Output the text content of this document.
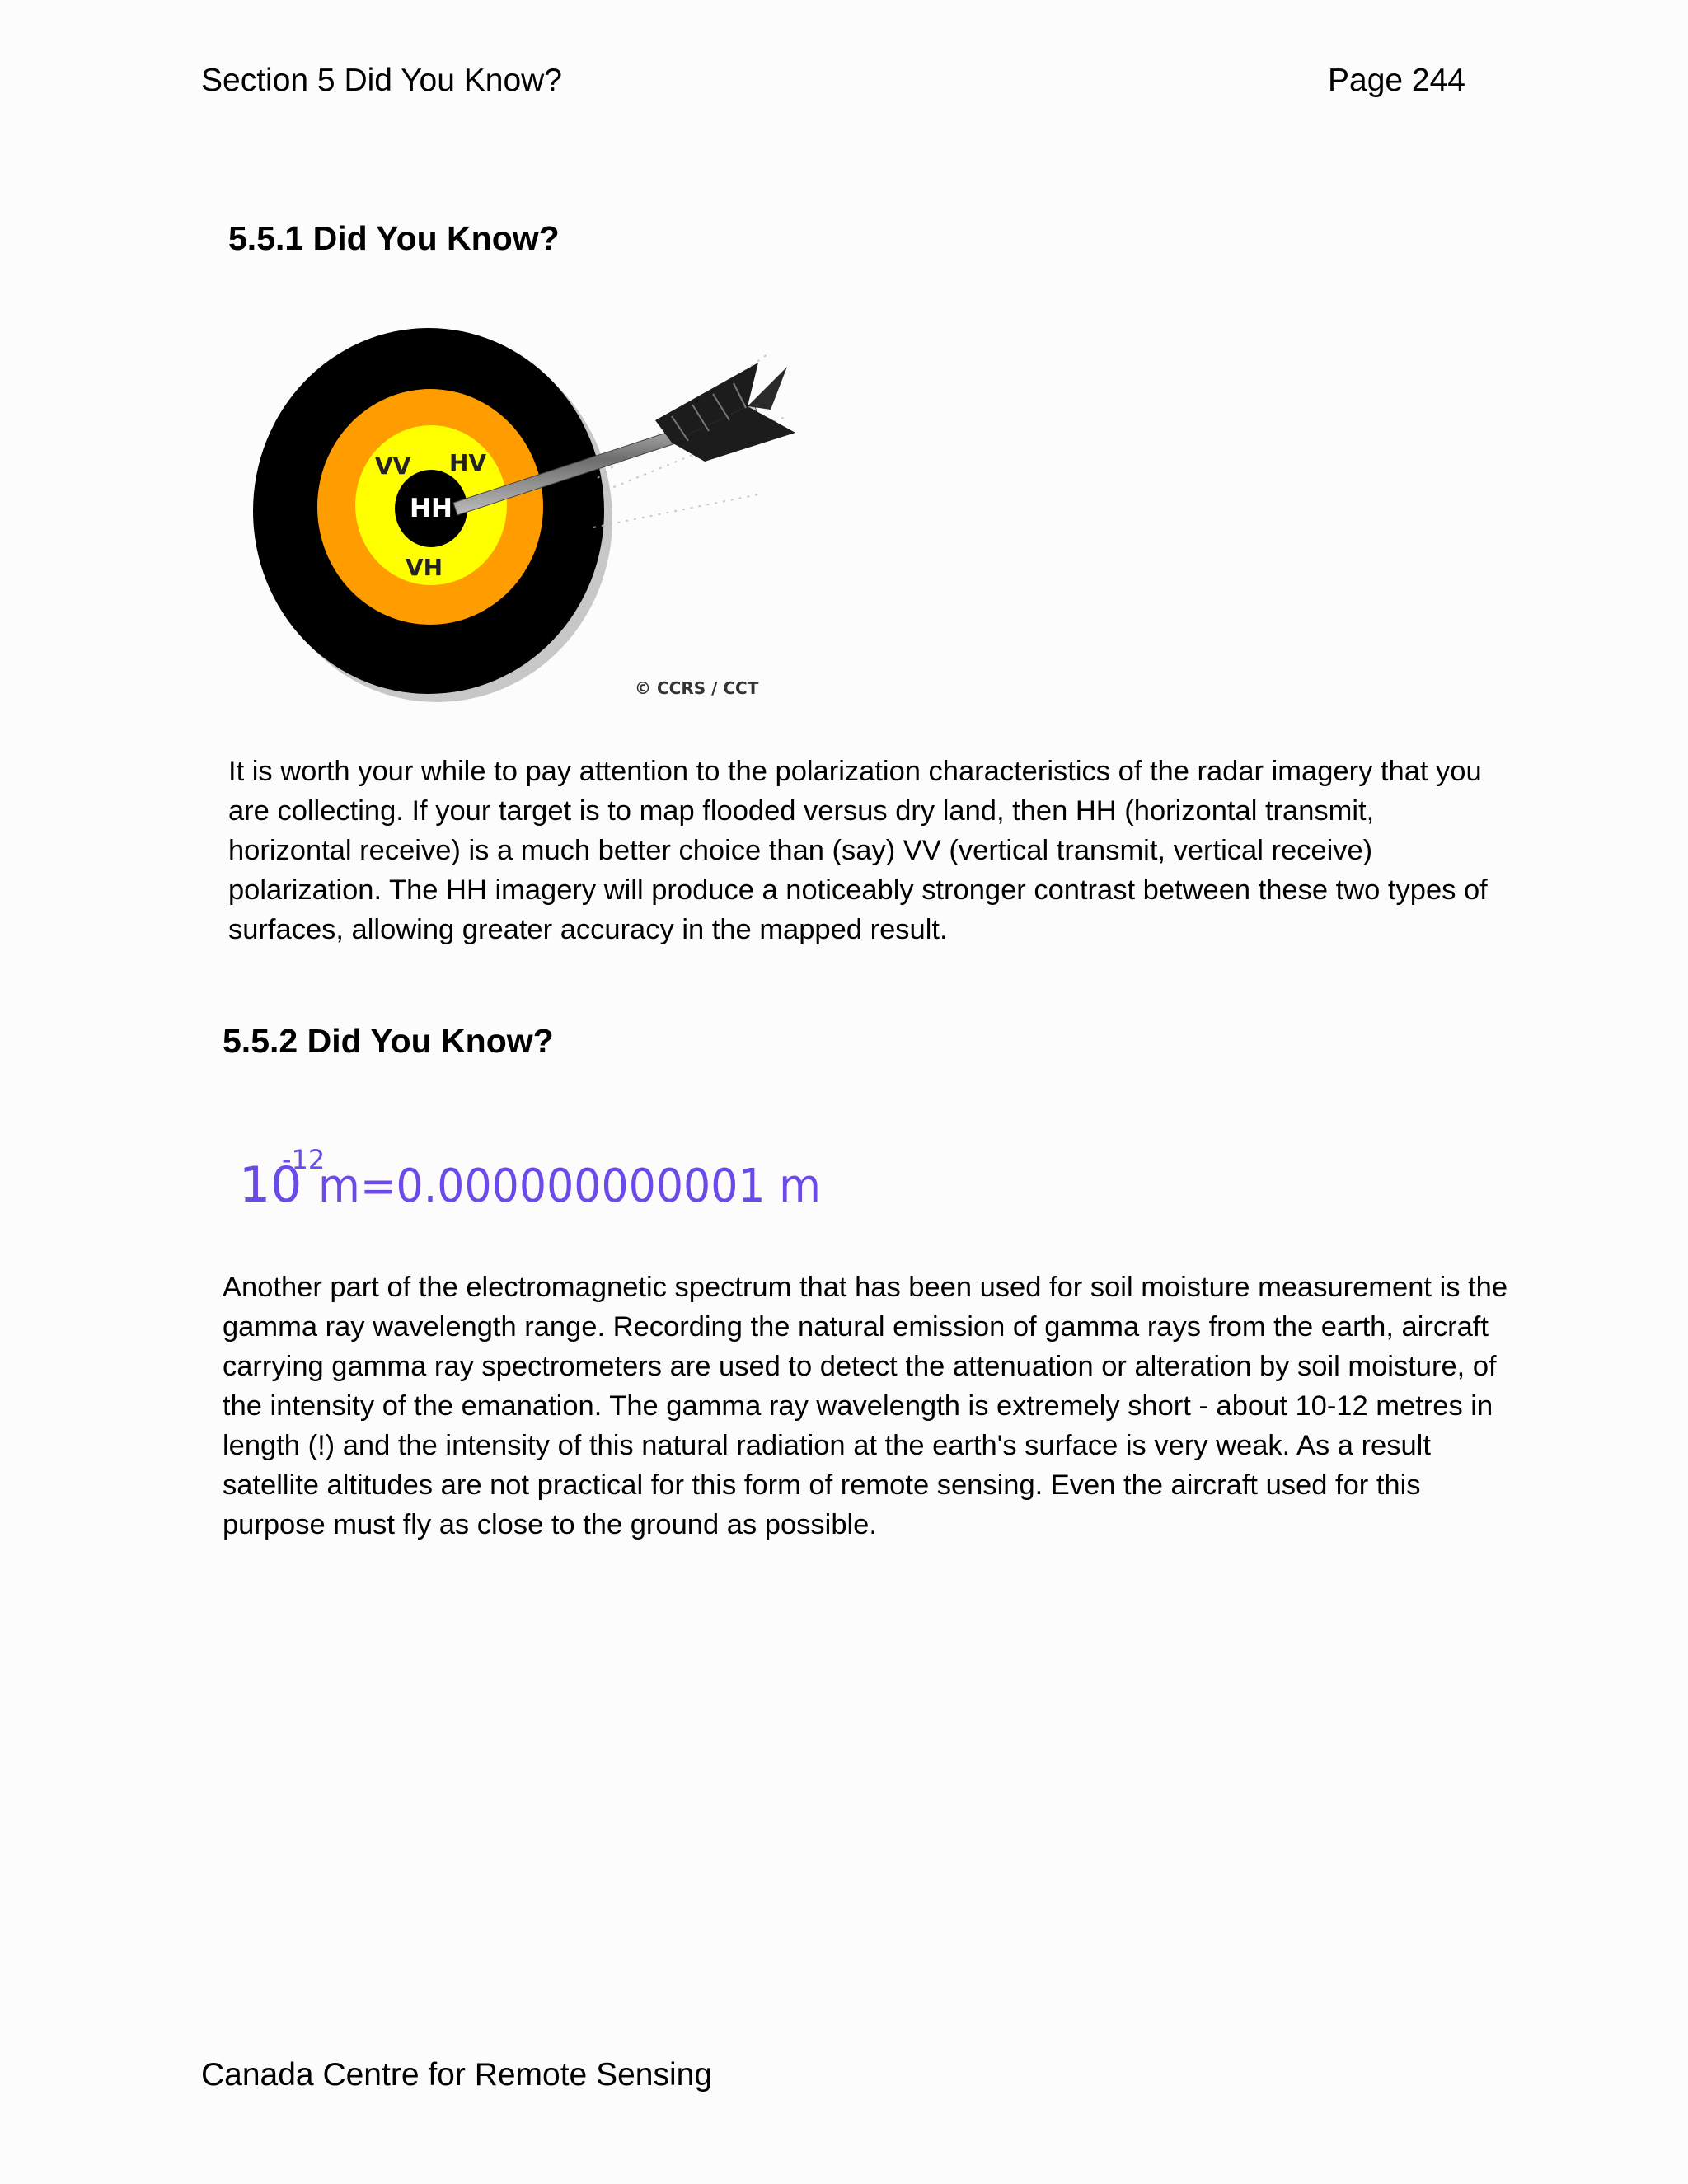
Section 5 Did You Know?	Page 244
5.5.1 Did You Know?
VV HV
HH
VH
© CCRS / CCT

It is worth your while to pay attention to the polarization characteristics of the radar imagery that you are collecting. If your target is to map flooded versus dry land, then HH (horizontal transmit, horizontal receive) is a much better choice than (say) VV (vertical transmit, vertical receive) polarization. The HH imagery will produce a noticeably stronger contrast between these two types of surfaces, allowing greater accuracy in the mapped result.

5.5.2 Did You Know?
10
-12
m=0.000000000001 m

Another part of the electromagnetic spectrum that has been used for soil moisture measurement is the gamma ray wavelength range. Recording the natural emission of gamma rays from the earth, aircraft carrying gamma ray spectrometers are used to detect the attenuation or alteration by soil moisture, of the intensity of the emanation. The gamma ray wavelength is extremely short - about 10-12 metres in length (!) and the intensity of this natural radiation at the earth's surface is very weak. As a result satellite altitudes are not practical for this form of remote sensing. Even the aircraft used for this purpose must fly as close to the ground as possible.

Canada Centre for Remote Sensing
